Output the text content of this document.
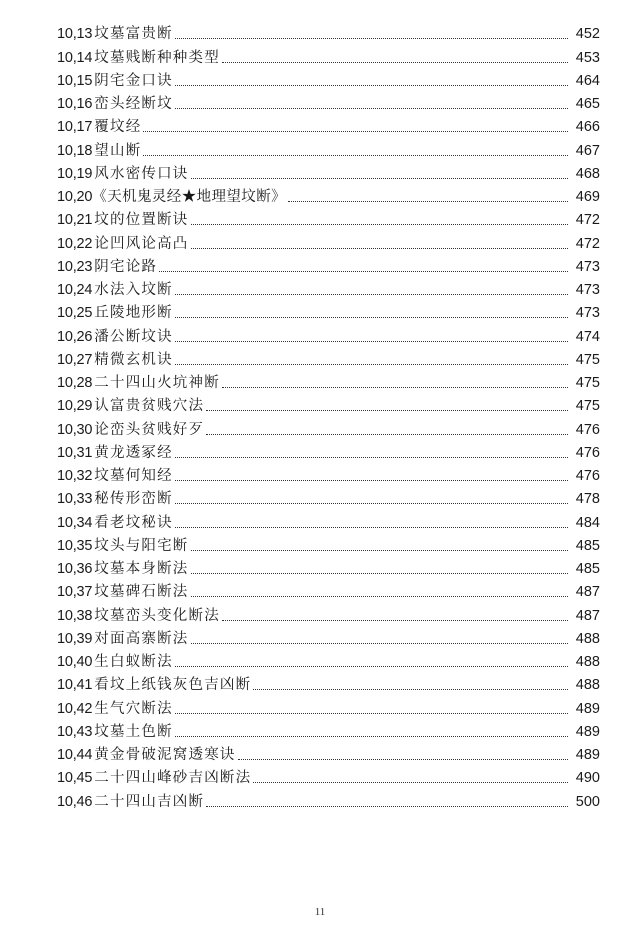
10,13 坟墓富贵断	452
10,14 坟墓贱断种种类型	453
10,15 阴宅金口诀	464
10,16 峦头经断坟	465
10,17 覆坟经	466
10,18 望山断	467
10,19 风水密传口诀	468
10,20 《天机鬼灵经★地理望坟断》	469
10,21 坟的位置断诀	472
10,22 论凹风论高凸	472
10,23 阴宅论路	473
10,24 水法入坟断	473
10,25 丘陵地形断	473
10,26 潘公断坟诀	474
10,27 精微玄机诀	475
10,28 二十四山火坑神断	475
10,29 认富贵贫贱穴法	475
10,30 论峦头贫贱好歹	476
10,31 黄龙透冢经	476
10,32 坟墓何知经	476
10,33 秘传形峦断	478
10,34 看老坟秘诀	484
10,35 坟头与阳宅断	485
10,36 坟墓本身断法	485
10,37 坟墓碑石断法	487
10,38 坟墓峦头变化断法	487
10,39 对面高寨断法	488
10,40 生白蚁断法	488
10,41 看坟上纸钱灰色吉凶断	488
10,42 生气穴断法	489
10,43 坟墓土色断	489
10,44 黄金骨破泥窝透寒诀	489
10,45 二十四山峰砂吉凶断法	490
10,46 二十四山吉凶断	500
11
